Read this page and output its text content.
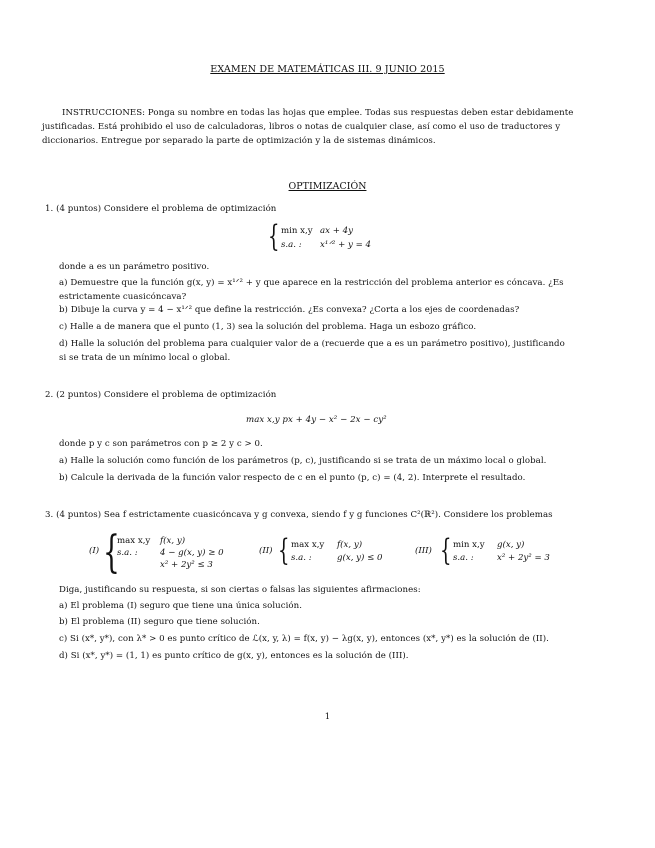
EXAMEN DE MATEMÁTICAS III. 9 JUNIO 2015
INSTRUCCIONES: Ponga su nombre en todas las hojas que emplee. Todas sus respuestas deben estar debidamente
justificadas. Está prohibido el uso de calculadoras, libros o notas de cualquier clase, así como el uso de traductores y
diccionarios. Entregue por separado la parte de optimización y la de sistemas dinámicos.
OPTIMIZACIÓN
1. (4 puntos) Considere el problema de optimización
{ min x,y ax + 4y
s.a. : x¹ᐟ² + y = 4
donde a es un parámetro positivo.
a) Demuestre que la función g(x, y) = x¹ᐟ² + y que aparece en la restricción del problema anterior es cóncava. ¿Es
estrictamente cuasicóncava?
b) Dibuje la curva y = 4 − x¹ᐟ² que define la restricción. ¿Es convexa? ¿Corta a los ejes de coordenadas?
c) Halle a de manera que el punto (1, 3) sea la solución del problema. Haga un esbozo gráfico.
d) Halle la solución del problema para cualquier valor de a (recuerde que a es un parámetro positivo), justificando
si se trata de un mínimo local o global.
2. (2 puntos) Considere el problema de optimización
max x,y px + 4y − x² − 2x − cy²
donde p y c son parámetros con p ≥ 2 y c > 0.
a) Halle la solución como función de los parámetros (p, c), justificando si se trata de un máximo local o global.
b) Calcule la derivada de la función valor respecto de c en el punto (p, c) = (4, 2). Interprete el resultado.
3. (4 puntos) Sea f estrictamente cuasicóncava y g convexa, siendo f y g funciones C²(ℝ²). Considere los problemas
(I) {
max x,y f(x, y)
s.a. :	4 − g(x, y) ≥ 0
x² + 2y² ≤ 3
(II) { max x,y f(x, y)
s.a. :	g(x, y) ≤ 0
(III) { min x,y g(x, y)
s.a. :	x² + 2y² = 3
Diga, justificando su respuesta, si son ciertas o falsas las siguientes afirmaciones:
a) El problema (I) seguro que tiene una única solución.
b) El problema (II) seguro que tiene solución.
c) Si (x*, y*), con λ* > 0 es punto crítico de ℒ(x, y, λ) = f(x, y) − λg(x, y), entonces (x*, y*) es la solución de (II).
d) Si (x*, y*) = (1, 1) es punto crítico de g(x, y), entonces es la solución de (III).
1
